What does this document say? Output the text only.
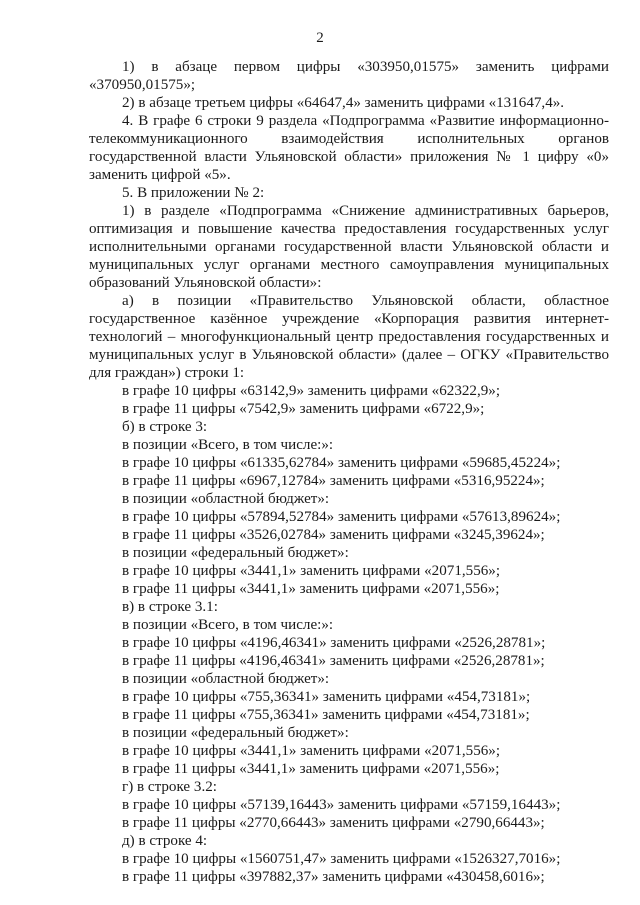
2

1) в абзаце первом цифры «303950,01575» заменить цифрами «370950,01575»;

2) в абзаце третьем цифры «64647,4» заменить цифрами «131647,4».

4. В графе 6 строки 9 раздела «Подпрограмма «Развитие информационно-телекоммуникационного взаимодействия исполнительных органов государственной власти Ульяновской области» приложения № 1 цифру «0» заменить цифрой «5».

5. В приложении № 2:

1) в разделе «Подпрограмма «Снижение административных барьеров, оптимизация и повышение качества предоставления государственных услуг исполнительными органами государственной власти Ульяновской области и муниципальных услуг органами местного самоуправления муниципальных образований Ульяновской области»:

а) в позиции «Правительство Ульяновской области, областное государственное казённое учреждение «Корпорация развития интернет-технологий – многофункциональный центр предоставления государственных и муниципальных услуг в Ульяновской области» (далее – ОГКУ «Правительство для граждан») строки 1:

в графе 10 цифры «63142,9» заменить цифрами «62322,9»;

в графе 11 цифры «7542,9» заменить цифрами «6722,9»;

б) в строке 3:

в позиции «Всего, в том числе:»:

в графе 10 цифры «61335,62784» заменить цифрами «59685,45224»;

в графе 11 цифры «6967,12784» заменить цифрами «5316,95224»;

в позиции «областной бюджет»:

в графе 10 цифры «57894,52784» заменить цифрами «57613,89624»;

в графе 11 цифры «3526,02784» заменить цифрами «3245,39624»;

в позиции «федеральный бюджет»:

в графе 10 цифры «3441,1» заменить цифрами «2071,556»;

в графе 11 цифры «3441,1» заменить цифрами «2071,556»;

в) в строке 3.1:

в позиции «Всего, в том числе:»:

в графе 10 цифры «4196,46341» заменить цифрами «2526,28781»;

в графе 11 цифры «4196,46341» заменить цифрами «2526,28781»;

в позиции «областной бюджет»:

в графе 10 цифры «755,36341» заменить цифрами «454,73181»;

в графе 11 цифры «755,36341» заменить цифрами «454,73181»;

в позиции «федеральный бюджет»:

в графе 10 цифры «3441,1» заменить цифрами «2071,556»;

в графе 11 цифры «3441,1» заменить цифрами «2071,556»;

г) в строке 3.2:

в графе 10 цифры «57139,16443» заменить цифрами «57159,16443»;

в графе 11 цифры «2770,66443» заменить цифрами «2790,66443»;

д) в строке 4:

в графе 10 цифры «1560751,47» заменить цифрами «1526327,7016»;

в графе 11 цифры «397882,37» заменить цифрами «430458,6016»;
